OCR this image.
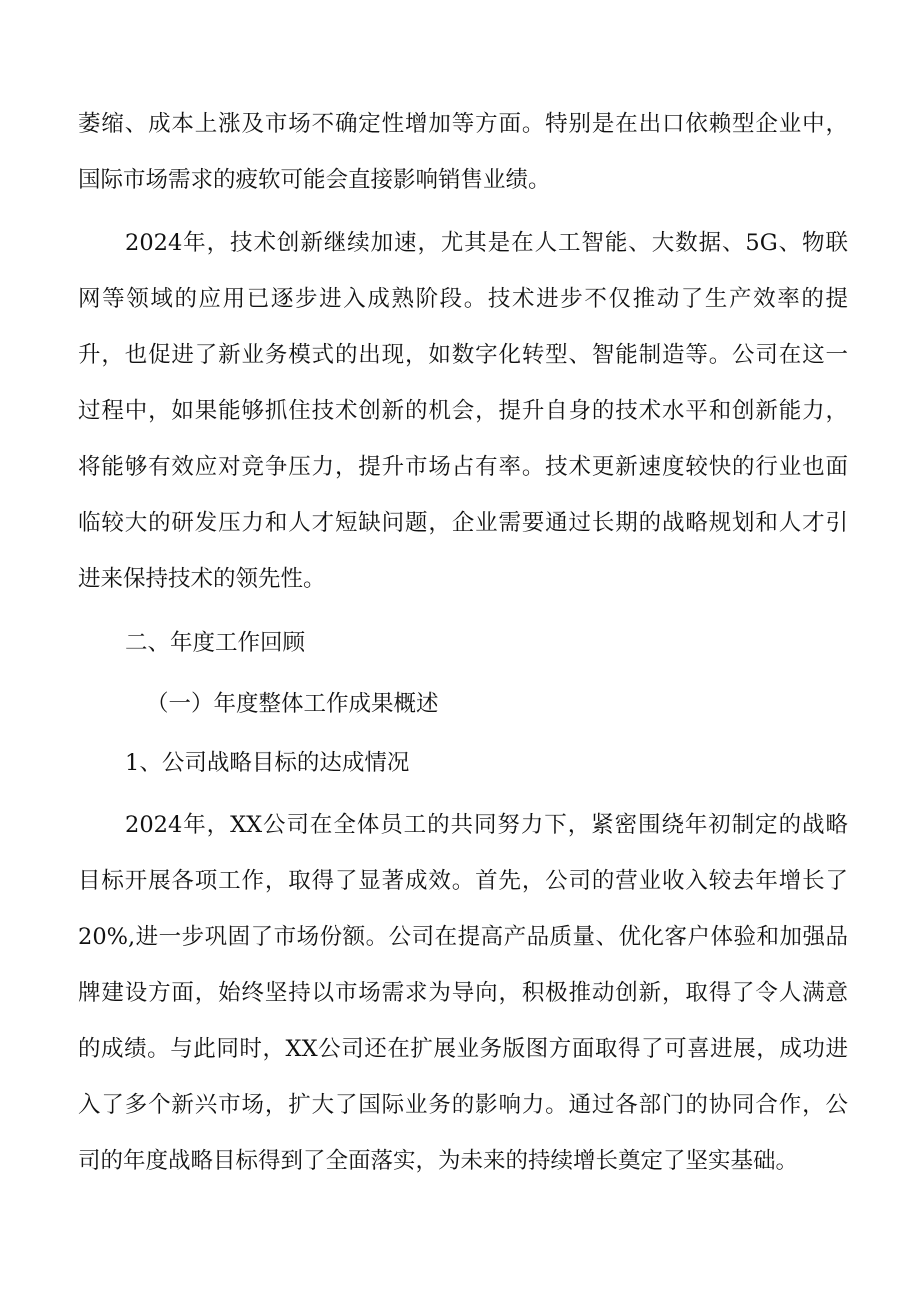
萎缩、成本上涨及市场不确定性增加等方面。特别是在出口依赖型企业中，

国际市场需求的疲软可能会直接影响销售业绩。

2024年，技术创新继续加速，尤其是在人工智能、大数据、5G、物联

网等领域的应用已逐步进入成熟阶段。技术进步不仅推动了生产效率的提

升，也促进了新业务模式的出现，如数字化转型、智能制造等。公司在这一

过程中，如果能够抓住技术创新的机会，提升自身的技术水平和创新能力，

将能够有效应对竞争压力，提升市场占有率。技术更新速度较快的行业也面

临较大的研发压力和人才短缺问题，企业需要通过长期的战略规划和人才引

进来保持技术的领先性。

二、年度工作回顾

（一）年度整体工作成果概述

1、公司战略目标的达成情况

2024年，XX公司在全体员工的共同努力下，紧密围绕年初制定的战略

目标开展各项工作，取得了显著成效。首先，公司的营业收入较去年增长了

20%,进一步巩固了市场份额。公司在提高产品质量、优化客户体验和加强品

牌建设方面，始终坚持以市场需求为导向，积极推动创新，取得了令人满意

的成绩。与此同时，XX公司还在扩展业务版图方面取得了可喜进展，成功进

入了多个新兴市场，扩大了国际业务的影响力。通过各部门的协同合作，公

司的年度战略目标得到了全面落实，为未来的持续增长奠定了坚实基础。
